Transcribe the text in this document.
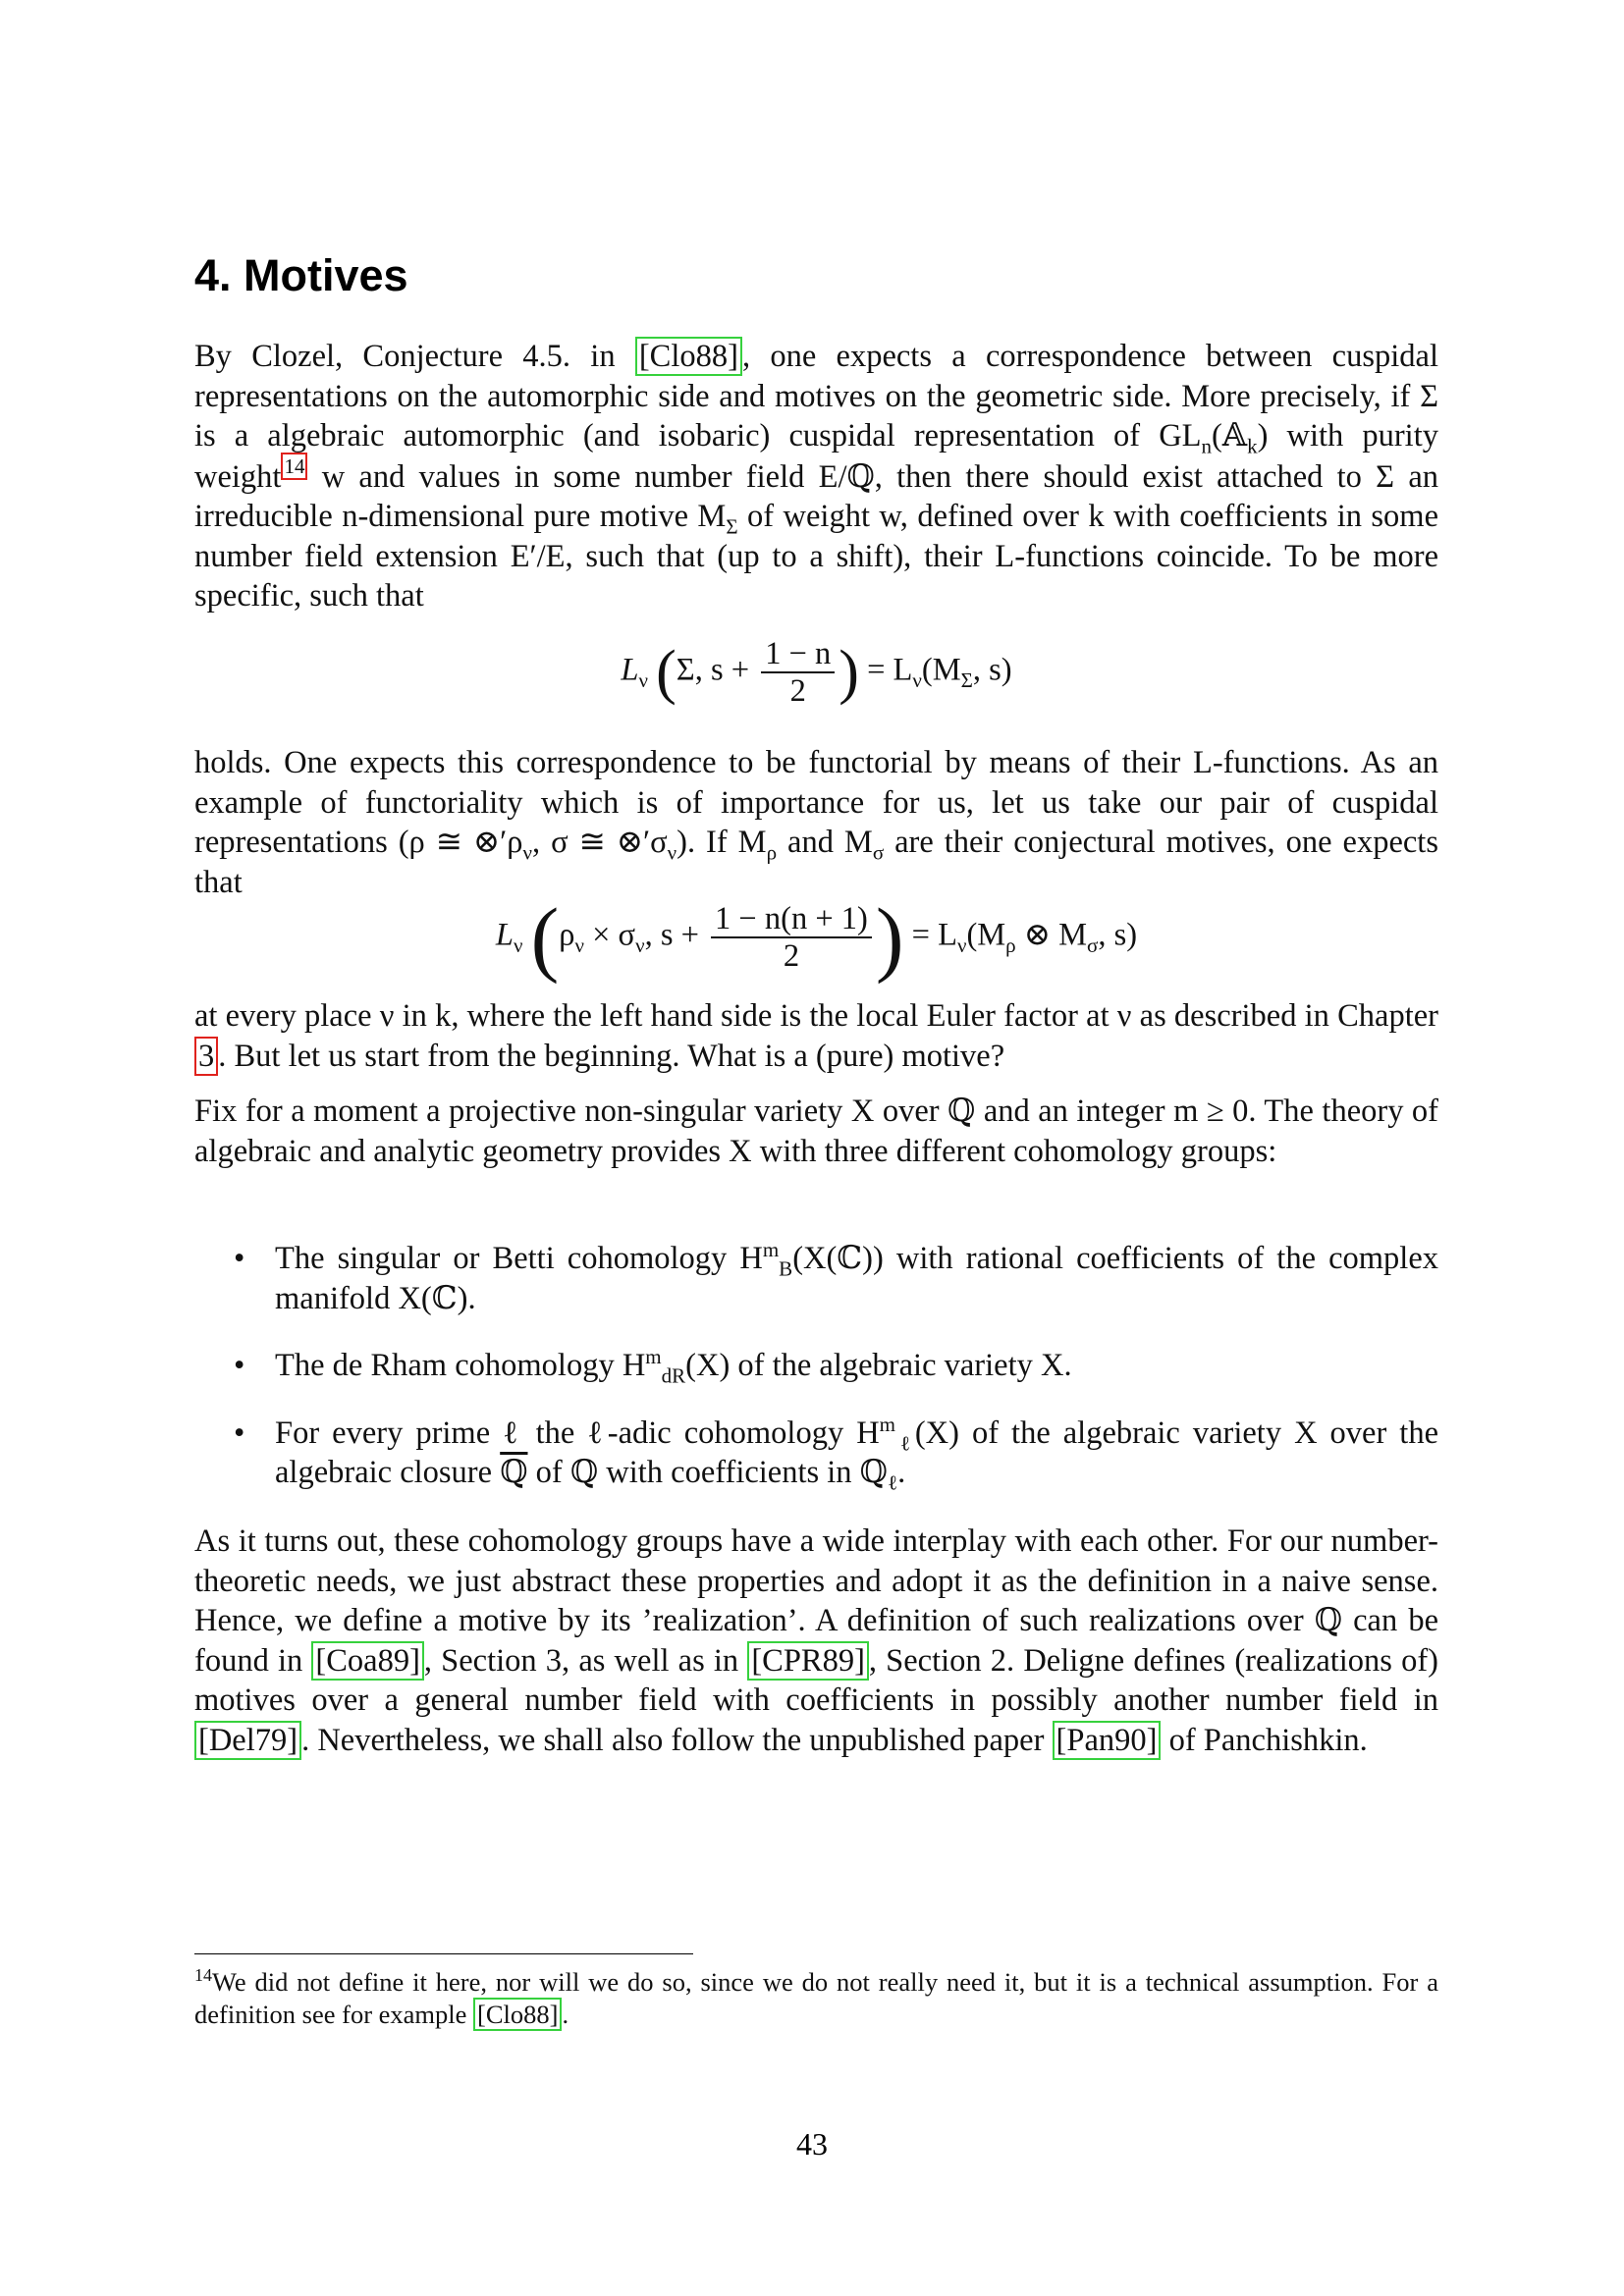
4. Motives

By Clozel, Conjecture 4.5. in [Clo88] , one expects a correspondence between cuspidal representations on the automorphic side and motives on the geometric side. More precisely, if Σ is a algebraic automorphic (and isobaric) cuspidal representation of $GL_n(𝔸_k)$ with purity weight $^{14}$ w and values in some number field E/ℚ, then there should exist attached to Σ an irreducible n-dimensional pure motive $M_\Sigma$ of weight w, defined over k with coefficients in some number field extension E′/E, such that (up to a shift), their L-functions coincide. To be more specific, such that

$L_\nu$ (Σ, $s + \frac{1 - n}{2}$ ) = $L_\nu(M_\Sigma$, s)

holds. One expects this correspondence to be functorial by means of their L-functions. As an example of functoriality which is of importance for us, let us take our pair of cuspidal representations (ρ ≅ $\otimes'\rho_\nu$, σ ≅ $\otimes'\sigma_\nu$). If $M_\rho$ and $M_\sigma$ are their conjectural motives, one expects that

$L_\nu$ ($\rho_\nu \times \sigma_\nu$, $s + \frac{1 - n(n + 1)}{2}$ ) = $L_\nu(M_\rho$ ⊗ $M_\sigma$, s)

at every place ν in k, where the left hand side is the local Euler factor at ν as described in Chapter 3 . But let us start from the beginning. What is a (pure) motive?

Fix for a moment a projective non-singular variety X over ℚ and an integer m ≥ 0. The theory of algebraic and analytic geometry provides X with three different cohomology groups:

• The singular or Betti cohomology $H^m_B(X(ℂ))$ with rational coefficients of the complex manifold X(ℂ).
• The de Rham cohomology $H^m_{dR}(X)$ of the algebraic variety X.
• For every prime ℓ the ℓ-adic cohomology $H^m_\ell(X)$ of the algebraic variety X over the algebraic closure ℚ of ℚ with coefficients in ℚ$_\ell$.

As it turns out, these cohomology groups have a wide interplay with each other. For our number-theoretic needs, we just abstract these properties and adopt it as the definition in a naive sense. Hence, we define a motive by its ’realization’. A definition of such realizations over ℚ can be found in [Coa89] , Section 3, as well as in [CPR89] , Section 2. Deligne defines (realizations of) motives over a general number field with coefficients in possibly another number field in [Del79] . Nevertheless, we shall also follow the unpublished paper [Pan90] of Panchishkin.

$^{14}$We did not define it here, nor will we do so, since we do not really need it, but it is a technical assumption. For a definition see for example [Clo88] .
43
